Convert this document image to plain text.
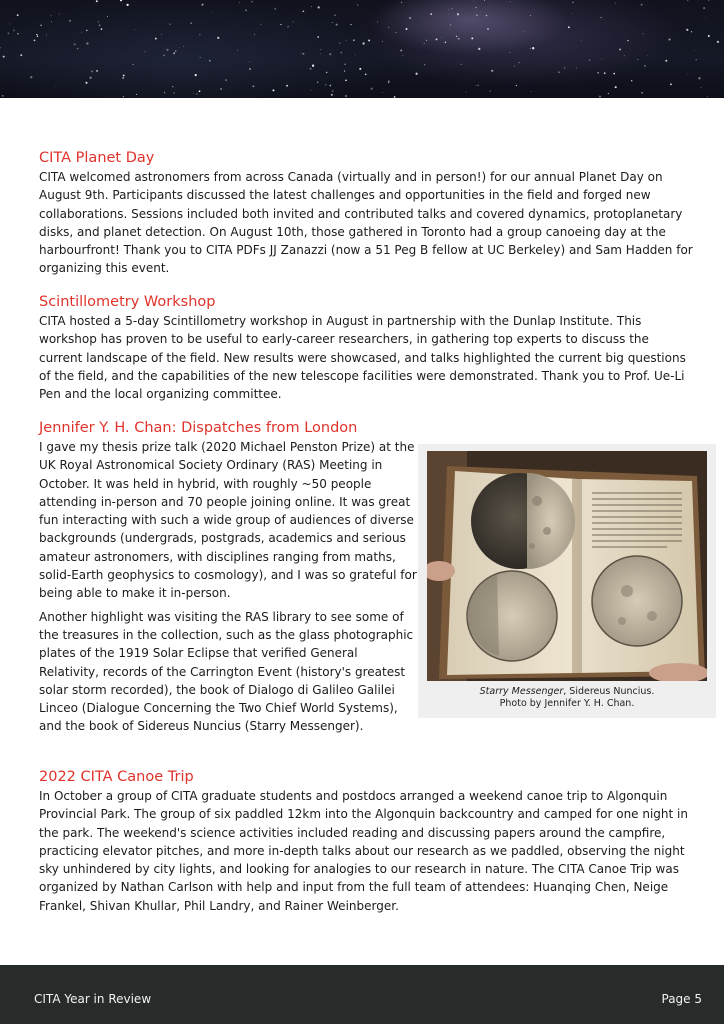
CITA Planet Day

CITA welcomed astronomers from across Canada (virtually and in person!) for our annual Planet Day on August 9th. Participants discussed the latest challenges and opportunities in the field and forged new collaborations. Sessions included both invited and contributed talks and covered dynamics, protoplanetary disks, and planet detection. On August 10th, those gathered in Toronto had a group canoeing day at the harbourfront! Thank you to CITA PDFs JJ Zanazzi (now a 51 Peg B fellow at UC Berkeley) and Sam Hadden for organizing this event.

Scintillometry Workshop

CITA hosted a 5-day Scintillometry workshop in August in partnership with the Dunlap Institute. This workshop has proven to be useful to early-career researchers, in gathering top experts to discuss the current landscape of the field. New results were showcased, and talks highlighted the current big questions of the field, and the capabilities of the new telescope facilities were demonstrated. Thank you to Prof. Ue-Li Pen and the local organizing committee.

Jennifer Y. H. Chan: Dispatches from London

I gave my thesis prize talk (2020 Michael Penston Prize) at the UK Royal Astronomical Society Ordinary (RAS) Meeting in October. It was held in hybrid, with roughly ~50 people attending in-person and 70 people joining online. It was great fun interacting with such a wide group of audiences of diverse backgrounds (undergrads, postgrads, academics and serious amateur astronomers, with disciplines ranging from maths, solid-Earth geophysics to cosmology), and I was so grateful for being able to make it in-person.

Another highlight was visiting the RAS library to see some of the treasures in the collection, such as the glass photographic plates of the 1919 Solar Eclipse that verified General Relativity, records of the Carrington Event (history's greatest solar storm recorded), the book of Dialogo di Galileo Galilei Linceo (Dialogue Concerning the Two Chief World Systems), and the book of Sidereus Nuncius (Starry Messenger).

Starry Messenger, Sidereus Nuncius.
Photo by Jennifer Y. H. Chan.
2022 CITA Canoe Trip

In October a group of CITA graduate students and postdocs arranged a weekend canoe trip to Algonquin Provincial Park. The group of six paddled 12km into the Algonquin backcountry and camped for one night in the park. The weekend's science activities included reading and discussing papers around the campfire, practicing elevator pitches, and more in-depth talks about our research as we paddled, observing the night sky unhindered by city lights, and looking for analogies to our research in nature. The CITA Canoe Trip was organized by Nathan Carlson with help and input from the full team of attendees: Huanqing Chen, Neige Frankel, Shivan Khullar, Phil Landry, and Rainer Weinberger.

CITA Year in Review	Page 5
